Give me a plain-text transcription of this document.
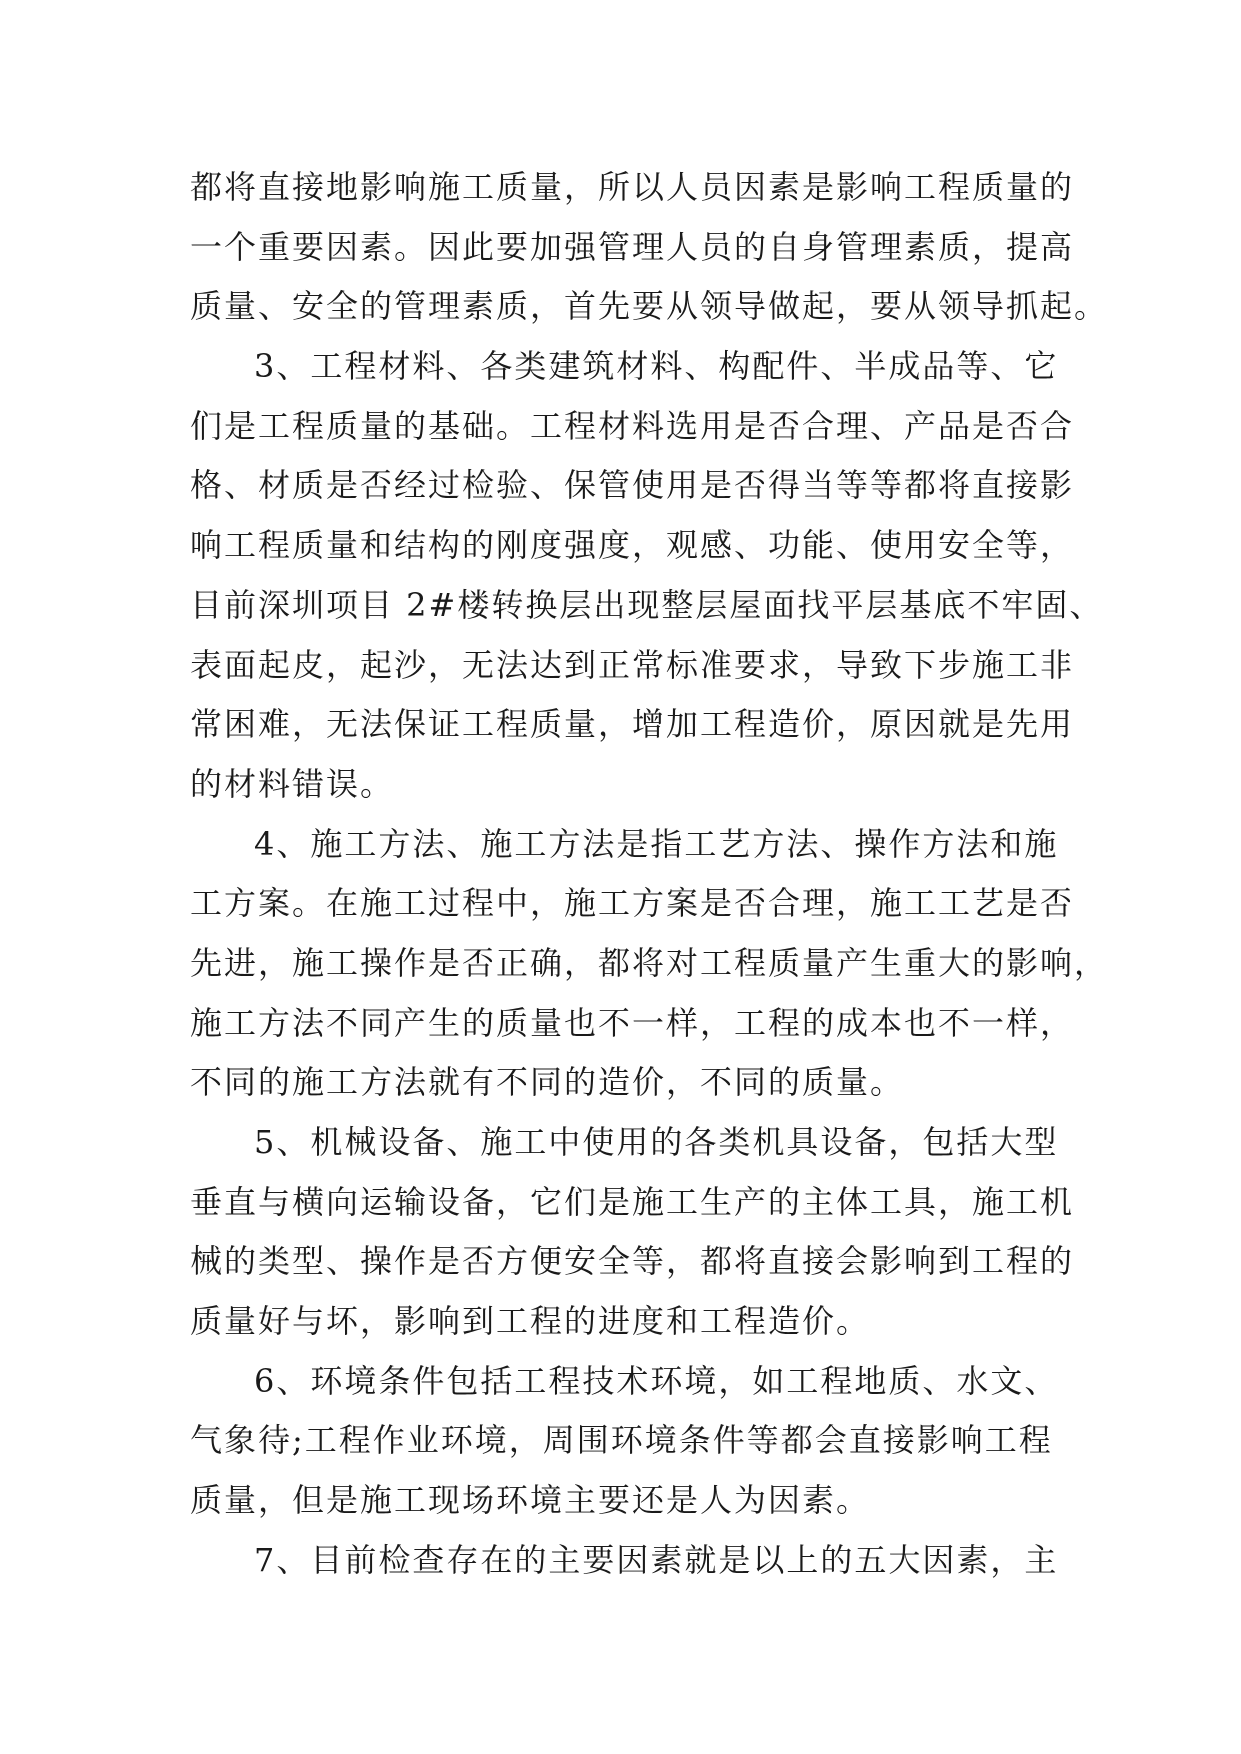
都将直接地影响施工质量，所以人员因素是影响工程质量的
一个重要因素。因此要加强管理人员的自身管理素质，提高
质量、安全的管理素质，首先要从领导做起，要从领导抓起。
3、工程材料、各类建筑材料、构配件、半成品等、它
们是工程质量的基础。工程材料选用是否合理、产品是否合
格、材质是否经过检验、保管使用是否得当等等都将直接影
响工程质量和结构的刚度强度，观感、功能、使用安全等，
目前深圳项目 2#楼转换层出现整层屋面找平层基底不牢固、
表面起皮，起沙，无法达到正常标准要求，导致下步施工非
常困难，无法保证工程质量，增加工程造价，原因就是先用
的材料错误。
4、施工方法、施工方法是指工艺方法、操作方法和施
工方案。在施工过程中，施工方案是否合理，施工工艺是否
先进，施工操作是否正确，都将对工程质量产生重大的影响，
施工方法不同产生的质量也不一样，工程的成本也不一样，
不同的施工方法就有不同的造价，不同的质量。
5、机械设备、施工中使用的各类机具设备，包括大型
垂直与横向运输设备，它们是施工生产的主体工具，施工机
械的类型、操作是否方便安全等，都将直接会影响到工程的
质量好与坏，影响到工程的进度和工程造价。
6、环境条件包括工程技术环境，如工程地质、水文、
气象待;工程作业环境，周围环境条件等都会直接影响工程
质量，但是施工现场环境主要还是人为因素。
7、目前检查存在的主要因素就是以上的五大因素，主
